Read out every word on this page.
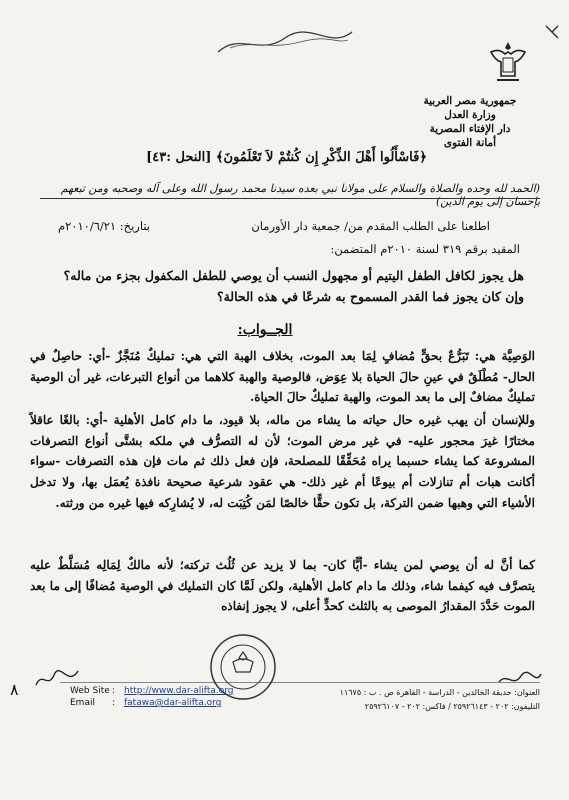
جمهورية مصر العربية
وزارة العدل
دار الإفتاء المصرية
أمانة الفتوى
﴿فَاسْأَلُوا أَهْلَ الذِّكْرِ إِن كُنتُمْ لاَ تَعْلَمُونَ﴾ [النحل :٤٣]
(الحمد لله وحده والصلاة والسلام على مولانا نبي بعده سيدنا محمد رسول الله وعلى آله وصحبه ومن تبعهم بإحسان إلى يوم الدين)
اطلعنا على الطلب المقدم من/ جمعية دار الأورمان
بتاريخ: ٢٠١٠/٦/٢١م
المقيد برقم ٣١٩ لسنة ٢٠١٠م المتضمن:
هل يجوز لكافل الطفل اليتيم أو مجهول النسب أن يوصي للطفل المكفول بجزء من ماله؟
وإن كان يجوز فما القدر المسموح به شرعًا في هذه الحالة؟
الجــواب:
الوَصِيَّة هي: تَبَرُّعٌ بحقٍّ مُضافٍ لِمَا بعد الموت، بخلاف الهبة التي هي: تمليكٌ مُنَجَّزٌ -أي: حاصِلٌ في الحال- مُطْلَقٌ في عينِ حالَ الحياة بلا عِوَض، فالوصية والهبة كلاهما من أنواع التبرعات، غير أن الوصية تمليكٌ مضافٌ إلى ما بعد الموت، والهبة تمليكٌ حالَ الحياة.
وللإنسان أن يهب غيره حال حياته ما يشاء من ماله، بلا قيود، ما دام كامل الأهلية -أي: بالغًا عاقلاً مختارًا غيرَ محجور عليه- في غير مرض الموت؛ لأن له التصرُّف في ملكه بشتَّى أنواع التصرفات المشروعة كما يشاء حسبما يراه مُحَقِّقًا للمصلحة، فإن فعل ذلك ثم مات فإن هذه التصرفات -سواء أكانت هبات أم تنازلات أم بيوعًا أم غير ذلك- هي عقود شرعية صحيحة نافذة يُعمَل بها، ولا تدخل الأشياء التي وهبها ضمن التركة، بل تكون حقًّا خالصًا لمَن كُتِبَت له، لا يُشارِكه فيها غيره من ورثته.
كما أنَّ له أن يوصي لمن يشاء -أيًّا كان- بما لا يزيد عن ثُلُث تركته؛ لأنه مالكٌ لِمَالِه مُسَلَّطٌ عليه يتصرَّف فيه كيفما شاء، وذلك ما دام كامل الأهلية، ولكن لَمَّا كان التمليك في الوصية مُضافًا إلى ما بعد الموت حَدَّدَ المقدارُ الموصى به بالثلث كحدٍّ أعلى، لا يجوز إنفاذه
٨	Web Site : http://www.dar-alifta.org
Email : fatawa@dar-alifta.org
العنوان: حديقة الخالدين - الدراسة - القاهرة ص . ب : ١١٦٧٥
التليفون: ٢٠٢ - ٢٥٩٢٦١٤٣ / فاكس: ٢٠٢ - ٢٥٩٢٦١٠٧
